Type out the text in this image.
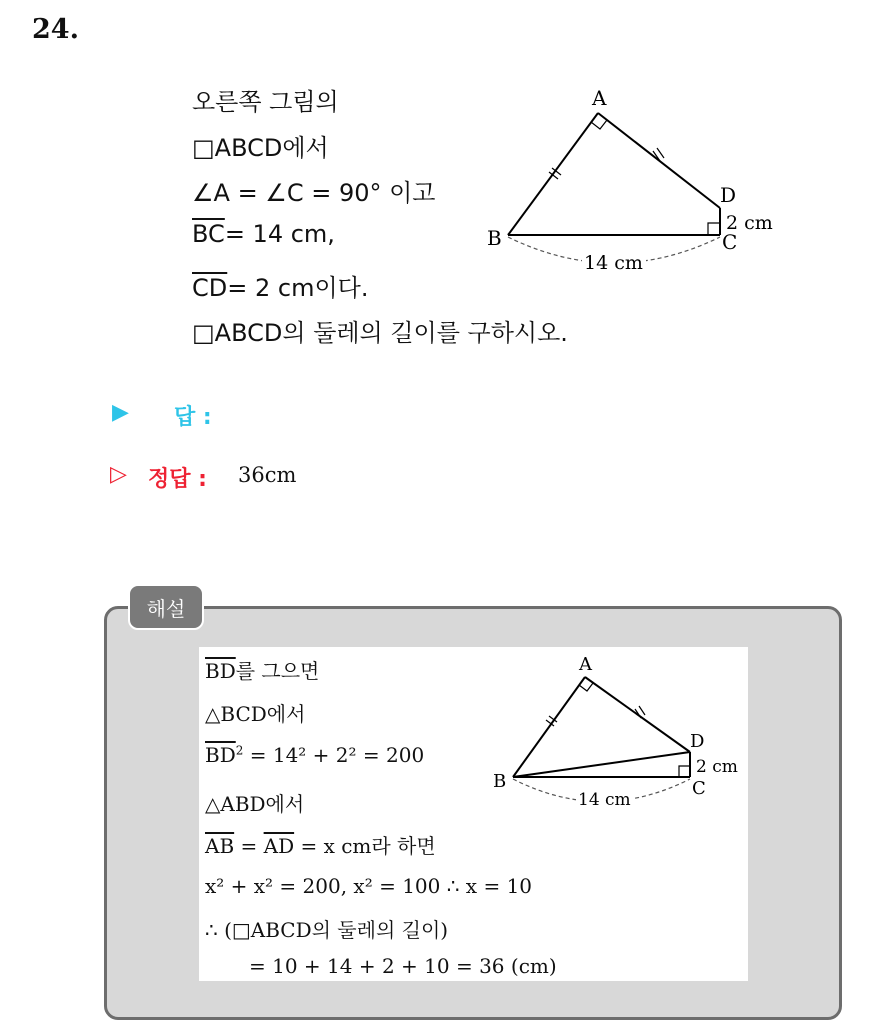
24.
오른쪽 그림의
□ABCD에서
∠A = ∠C = 90° 이고
$\overline{BC}= 14$ cm,
$\overline{CD}= 2$ cm이다.
□ABCD의 둘레의 길이를 구하시오.
A
B	C
D
2 cm
14 cm
▶ 답 :
▷ 정답 : 36cm
해설
$\overline{BD}$를 그으면
△BCD에서
$\overline{BD}^2 = 14^2 + 2^2 = 200$
△ABD에서
$\overline{AB} = \overline{AD} = x$ cm라 하면
x² + x² = 200, x² = 100 ∴ x = 10
∴ (□ABCD의 둘레의 길이)
= 10 + 14 + 2 + 10 = 36 (cm)
A
B	C
D
2 cm
14 cm
